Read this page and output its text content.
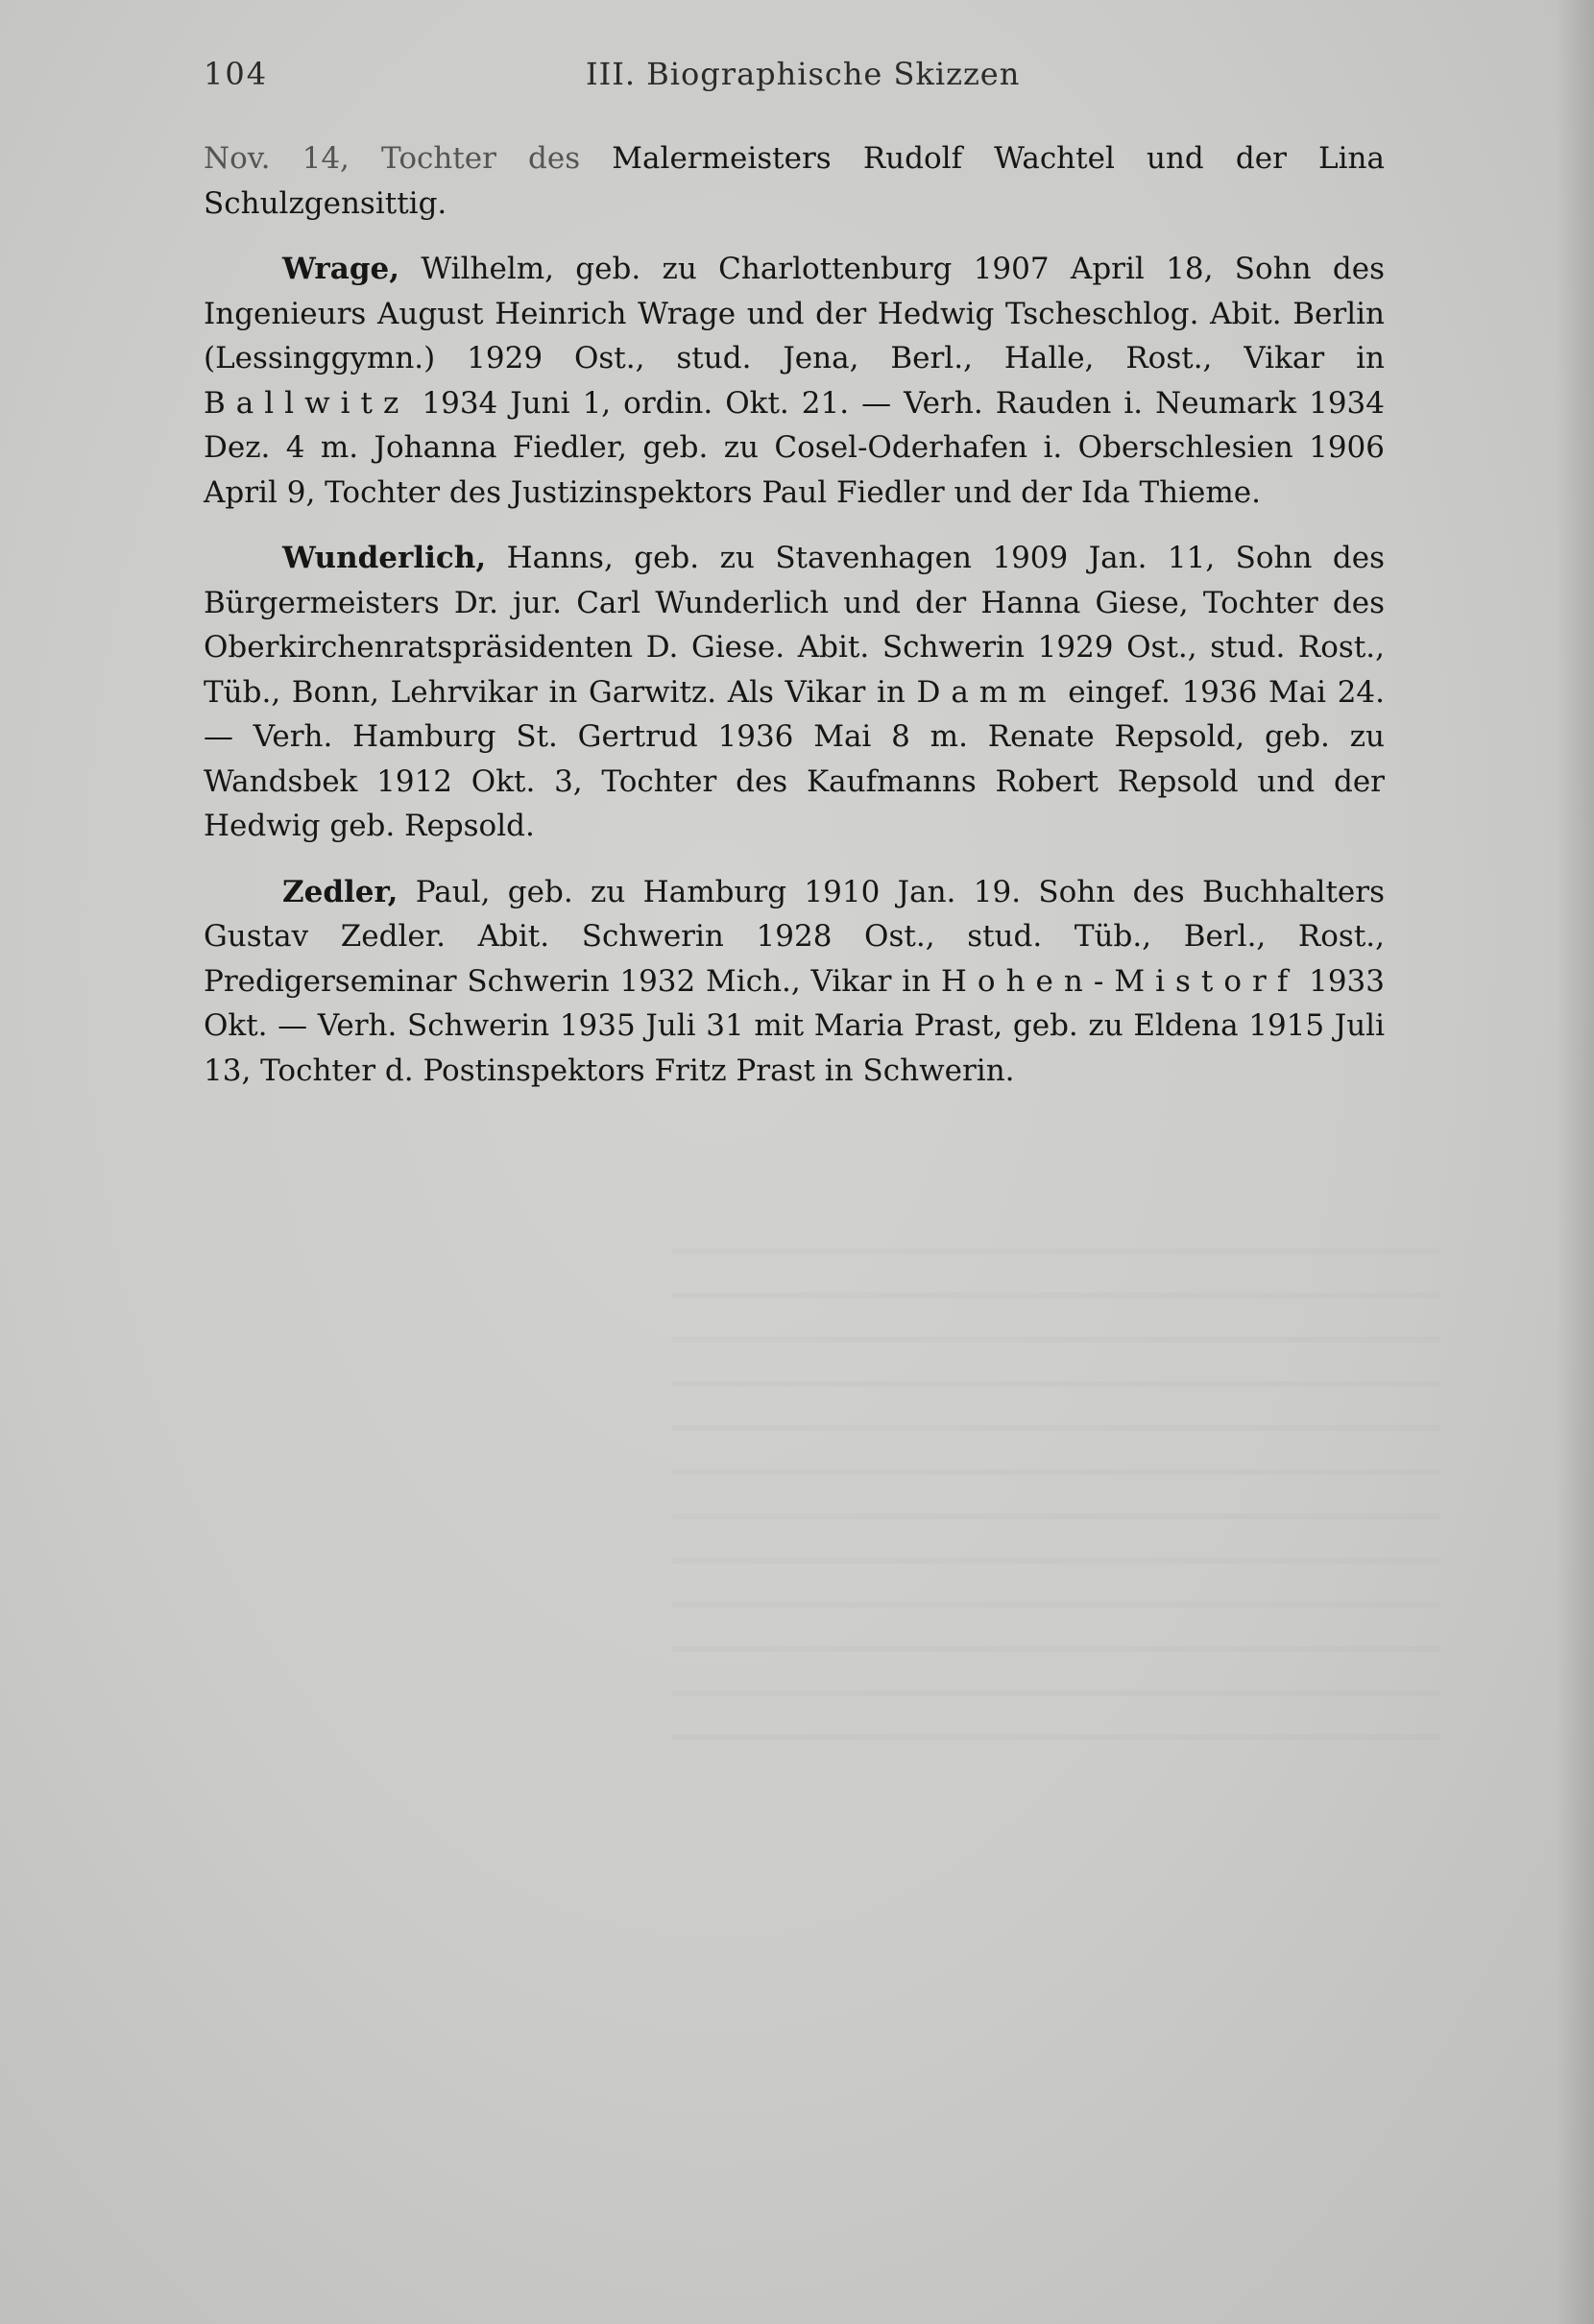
104	III. Biographische Skizzen

Nov. 14, Tochter des Malermeisters Rudolf Wachtel und der Lina Schulzgensittig.

Wrage, Wilhelm, geb. zu Charlottenburg 1907 April 18, Sohn des Ingenieurs August Heinrich Wrage und der Hedwig Tscheschlog. Abit. Berlin (Lessinggymn.) 1929 Ost., stud. Jena, Berl., Halle, Rost., Vikar in Ballwitz 1934 Juni 1, ordin. Okt. 21. — Verh. Rauden i. Neumark 1934 Dez. 4 m. Johanna Fiedler, geb. zu Cosel-Oderhafen i. Oberschlesien 1906 April 9, Tochter des Justizinspektors Paul Fiedler und der Ida Thieme.

Wunderlich, Hanns, geb. zu Stavenhagen 1909 Jan. 11, Sohn des Bürgermeisters Dr. jur. Carl Wunderlich und der Hanna Giese, Tochter des Oberkirchenratspräsidenten D. Giese. Abit. Schwerin 1929 Ost., stud. Rost., Tüb., Bonn, Lehrvikar in Garwitz. Als Vikar in Damm eingef. 1936 Mai 24. — Verh. Hamburg St. Gertrud 1936 Mai 8 m. Renate Repsold, geb. zu Wandsbek 1912 Okt. 3, Tochter des Kaufmanns Robert Repsold und der Hedwig geb. Repsold.

Zedler, Paul, geb. zu Hamburg 1910 Jan. 19. Sohn des Buchhalters Gustav Zedler. Abit. Schwerin 1928 Ost., stud. Tüb., Berl., Rost., Predigerseminar Schwerin 1932 Mich., Vikar in Hohen-Mistorf 1933 Okt. — Verh. Schwerin 1935 Juli 31 mit Maria Prast, geb. zu Eldena 1915 Juli 13, Tochter d. Postinspektors Fritz Prast in Schwerin.
